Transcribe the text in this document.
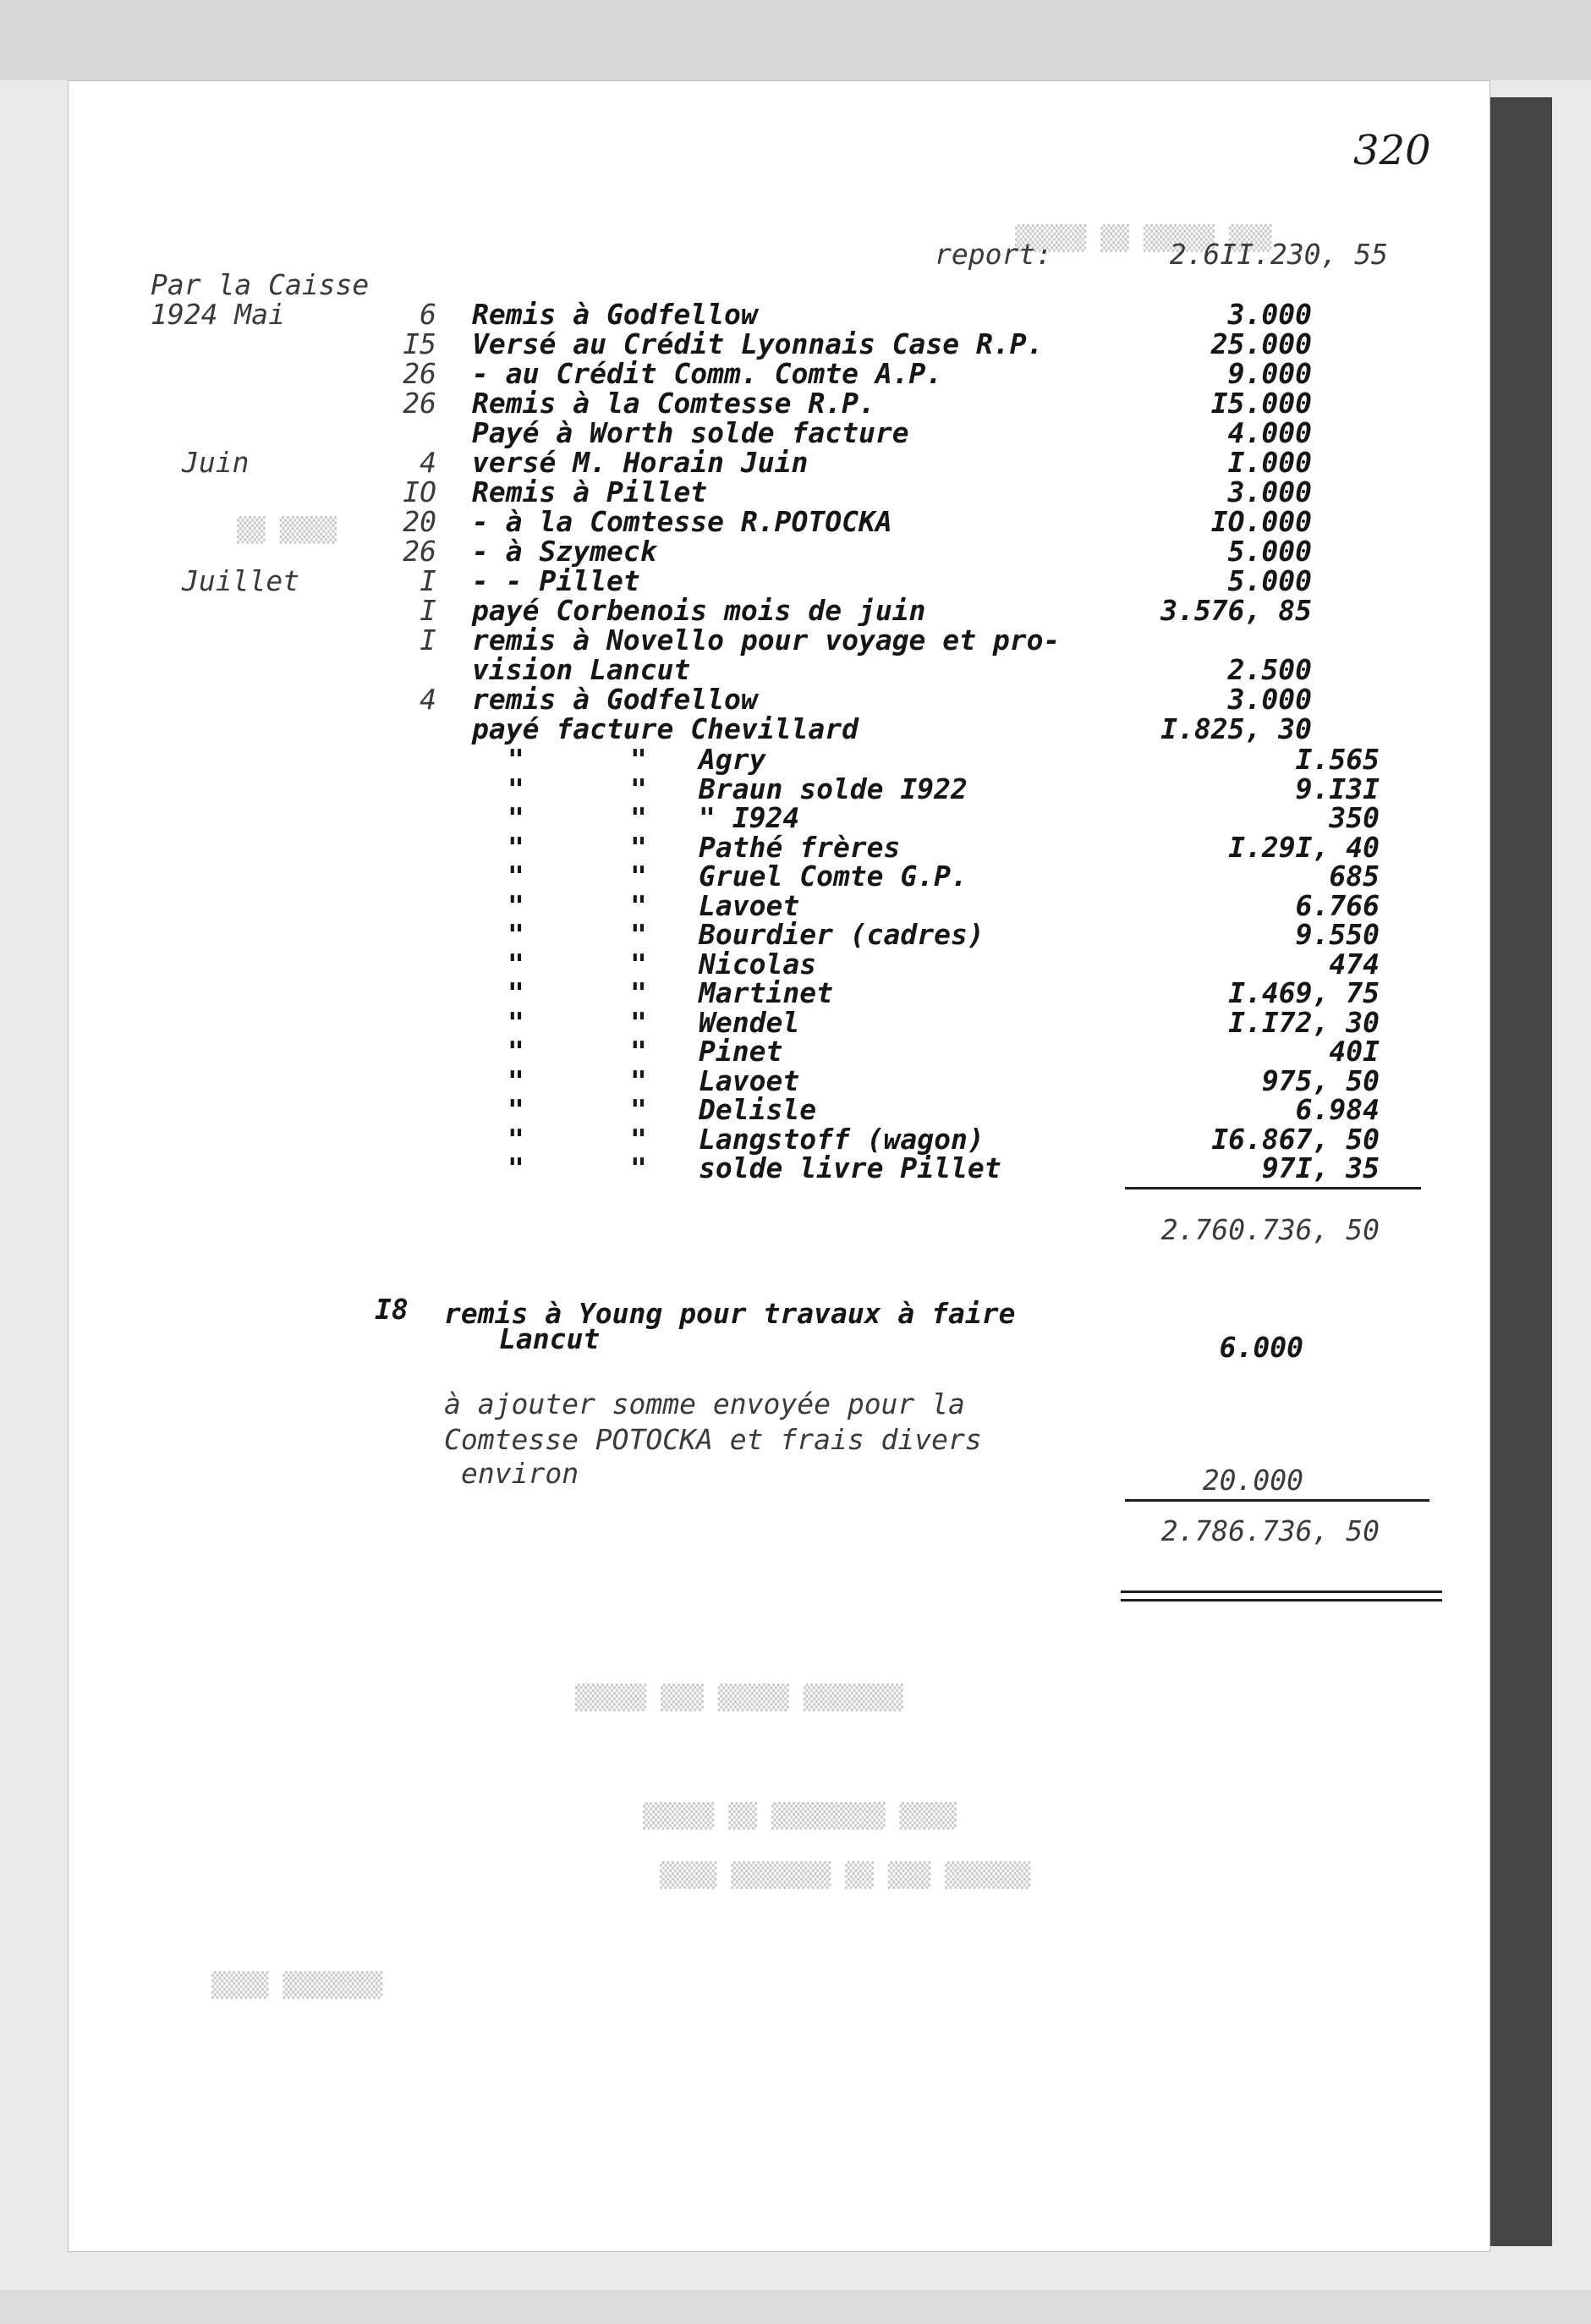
▒▒▒ ▒▒▒▒▒ ▒▒ ▒▒▒▒▒
▒▒▒▒ ▒▒
▒▒▒▒▒▒▒ ▒▒▒▒▒ ▒▒▒ ▒▒▒▒▒
▒▒▒▒ ▒▒▒▒▒▒▒▒ ▒▒ ▒▒▒▒▒
▒▒▒▒▒▒ ▒▒▒ ▒▒ ▒▒▒▒▒▒▒ ▒▒▒▒
▒▒▒▒▒▒▒ ▒▒▒▒
320
report:	2.6II.230, 55
Par la Caisse
1924 Mai	6 Remis à Godfellow	3.000
I5 Versé au Crédit Lyonnais Case R.P.	25.000
26 - au Crédit Comm. Comte A.P.	9.000
26 Remis à la Comtesse R.P.	I5.000
Payé à Worth solde facture	4.000
Juin	4 versé M. Horain Juin	I.000
IO Remis à Pillet	3.000
20 - à la Comtesse R.POTOCKA	IO.000
26 - à Szymeck	5.000
Juillet	I - - Pillet	5.000
I payé Corbenois mois de juin	3.576, 85
I remis à Novello pour voyage et pro-
vision Lancut	2.500
4 remis à Godfellow	3.000
payé facture Chevillard	I.825, 30
"	" Agry	I.565
"	" Braun solde I922	9.I3I
"	" " I924	350
"	" Pathé frères	I.29I, 40
"	" Gruel Comte G.P.	685
"	" Lavoet	6.766
"	" Bourdier (cadres)	9.550
"	" Nicolas	474
"	" Martinet	I.469, 75
"	" Wendel	I.I72, 30
"	" Pinet	40I
"	" Lavoet	975, 50
"	" Delisle	6.984
"	" Langstoff (wagon)	I6.867, 50
"	" solde livre Pillet	97I, 35
2.760.736, 50
I8 remis à Young pour travaux à faire
Lancut	6.000
à ajouter somme envoyée pour la
Comtesse POTOCKA et frais divers
environ	20.000
2.786.736, 50
